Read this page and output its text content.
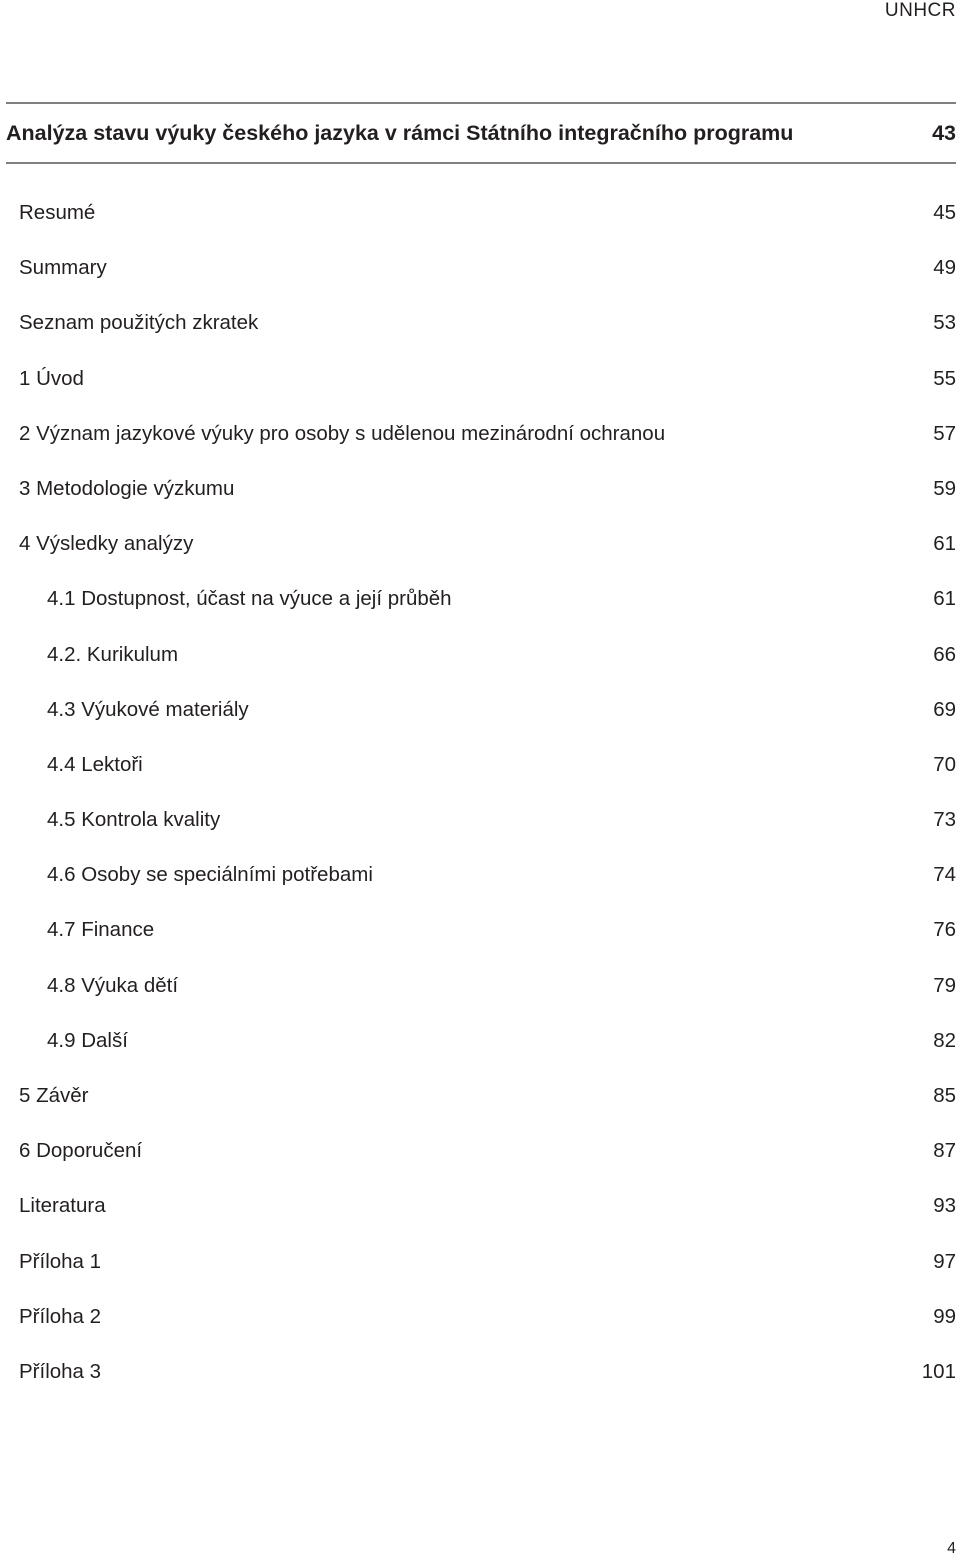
UNHCR
Analýza stavu výuky českého jazyka v rámci Státního integračního programu	43
Resumé	45
Summary	49
Seznam použitých zkratek	53
1 Úvod	55
2 Význam jazykové výuky pro osoby s udělenou mezinárodní ochranou	57
3 Metodologie výzkumu	59
4 Výsledky analýzy	61
4.1 Dostupnost, účast na výuce a její průběh	61
4.2. Kurikulum	66
4.3 Výukové materiály	69
4.4 Lektoři	70
4.5 Kontrola kvality	73
4.6 Osoby se speciálními potřebami	74
4.7 Finance	76
4.8 Výuka dětí	79
4.9 Další	82
5 Závěr	85
6 Doporučení	87
Literatura	93
Příloha 1	97
Příloha 2	99
Příloha 3	101
4
